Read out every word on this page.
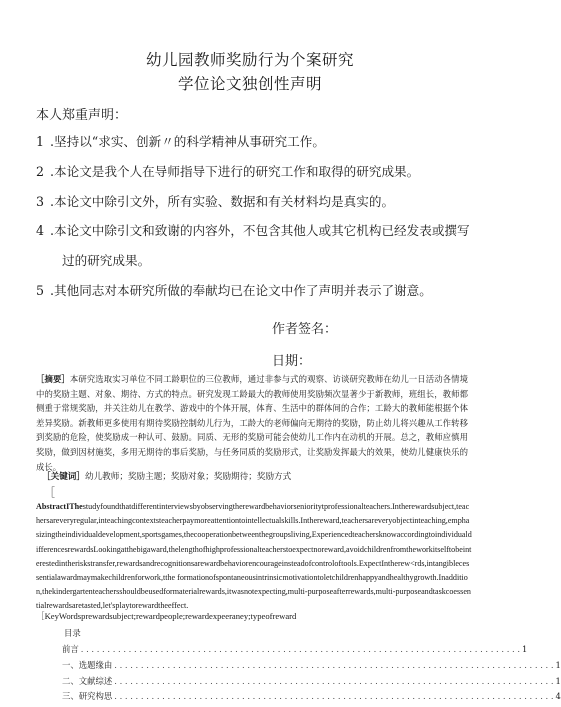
幼儿园教师奖励行为个案研究
学位论文独创性声明
本人郑重声明：
1 .坚持以“求实、创新〃的科学精神从事研究工作。
2 .本论文是我个人在导师指导下进行的研究工作和取得的研究成果。
3 .本论文中除引文外，所有实验、数据和有关材料均是真实的。
4 .本论文中除引文和致谢的内容外，不包含其他人或其它机构已经发表或撰写
过的研究成果。
5 .其他同志对本研究所做的奉献均已在论文中作了声明并表示了谢意。
作者签名：
日期：
［摘要］本研究选取实习单位不同工龄职位的三位教师，通过非参与式的观察、访谈研究教师在幼儿一日活动各情境中的奖励主题、对象、期待、方式的特点。研究发现工龄最大的教师使用奖励频次显著少于新教师，班组长，教师都侧重于常规奖励，并关注幼儿在教学、游戏中的个体开展，体育、生活中的群体间的合作；工龄大的教师能根据个体差异奖励。新教师更多使用有期待奖励控制幼儿行为，工龄大的老师偏向无期待的奖励，防止幼儿将兴趣从工作转移到奖励的危险，使奖励成一种认可、鼓励。同质、无形的奖励可能会使幼儿工作内在动机的开展。总之，教师应慎用奖励，做到因材施奖，多用无期待的事后奖励，与任务同质的奖励形式，让奖励发挥最大的效果，使幼儿健康快乐的成长。
［关键词］幼儿教师；奖励主题；奖励对象；奖励期待；奖励方式
［
AbstractIThestudyfoundthatdifferentinterviewsbyobservingtherewardbehaviorsenioritytprofessionalteachers.Intherewardsubject,teachersareveryregular,inteachingcontextsteacherpaymoreattentiontointellectualskills.Inthereward,teachersareveryobjectinteaching,emphasizingtheindividualdevelopment,sportsgames,thecooperationbetweenthegroupsliving,ExperiencedteachersknowaccordingtoindividualdifferencesrewardsLookingatthebigaward,thelengthofhighprofessionalteacherstoexpectnoreward,avoidchildrenfromtheworkitselftobeinterestedintheriskstransfer,rewardsandrecognitionsarewardbehaviorencourageinsteadofcontroloftools.ExpectIntherew<rds,intangiblecessentialawardmaymakechildrenforwork,tthe formationofspontaneousintrinsicmotivationtoletchildrenhappyandhealthygrowth.Inaddition,thekindergartenteachersshouldbeusedformaterialrewards,itwasnotexpecting,multi-purposeafterrewards,multi-purposeandtaskcoessentialrewardsaretasted,let'splaytorewardtheeffect.
［KeyWordsprewardsubject;rewardpeople;rewardexpeeraney;typeofreward
目录
前言 . . . . . . . . . . . . . . . . . . . . . . . . . . . . . . . . . . . . . . . . . . . . . . . . . . . . . . . . . . . . . . . . . . . . . . . . . . . . . . . . . . . 1
一、选题缘由 . . . . . . . . . . . . . . . . . . . . . . . . . . . . . . . . . . . . . . . . . . . . . . . . . . . . . . . . . . . . . . . . . . . . . . . . . . . . . . . . . . . 1
二、文献综述 . . . . . . . . . . . . . . . . . . . . . . . . . . . . . . . . . . . . . . . . . . . . . . . . . . . . . . . . . . . . . . . . . . . . . . . . . . . . . . . . . . . 1
三、研究构思 . . . . . . . . . . . . . . . . . . . . . . . . . . . . . . . . . . . . . . . . . . . . . . . . . . . . . . . . . . . . . . . . . . . . . . . . . . . . . . . . . . . 4
